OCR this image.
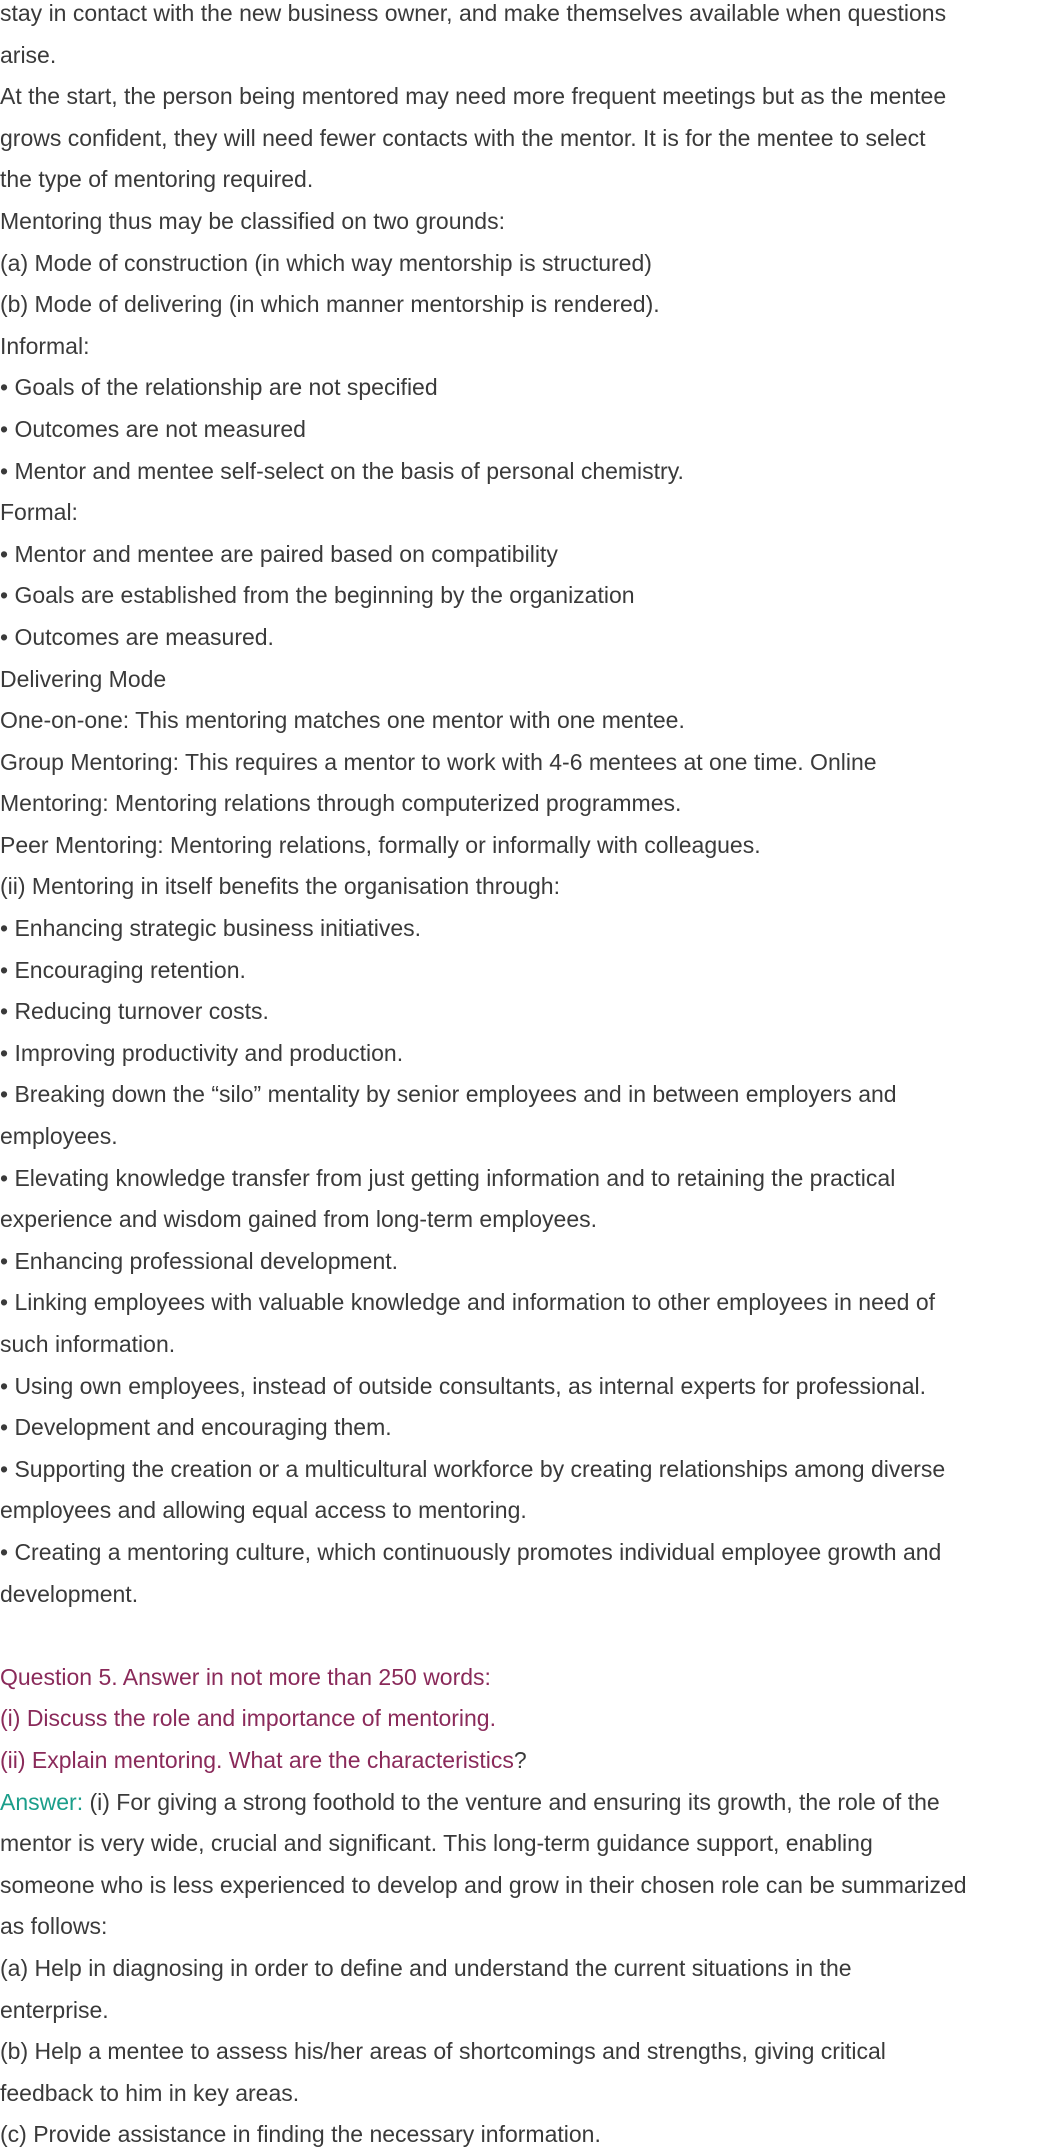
stay in contact with the new business owner, and make themselves available when questions
arise.
At the start, the person being mentored may need more frequent meetings but as the mentee
grows confident, they will need fewer contacts with the mentor. It is for the mentee to select
the type of mentoring required.
Mentoring thus may be classified on two grounds:
(a) Mode of construction (in which way mentorship is structured)
(b) Mode of delivering (in which manner mentorship is rendered).
Informal:
• Goals of the relationship are not specified
• Outcomes are not measured
• Mentor and mentee self-select on the basis of personal chemistry.
Formal:
• Mentor and mentee are paired based on compatibility
• Goals are established from the beginning by the organization
• Outcomes are measured.
Delivering Mode
One-on-one: This mentoring matches one mentor with one mentee.
Group Mentoring: This requires a mentor to work with 4-6 mentees at one time. Online
Mentoring: Mentoring relations through computerized programmes.
Peer Mentoring: Mentoring relations, formally or informally with colleagues.
(ii) Mentoring in itself benefits the organisation through:
• Enhancing strategic business initiatives.
• Encouraging retention.
• Reducing turnover costs.
• Improving productivity and production.
• Breaking down the “silo” mentality by senior employees and in between employers and
employees.
• Elevating knowledge transfer from just getting information and to retaining the practical
experience and wisdom gained from long-term employees.
• Enhancing professional development.
• Linking employees with valuable knowledge and information to other employees in need of
such information.
• Using own employees, instead of outside consultants, as internal experts for professional.
• Development and encouraging them.
• Supporting the creation or a multicultural workforce by creating relationships among diverse
employees and allowing equal access to mentoring.
• Creating a mentoring culture, which continuously promotes individual employee growth and
development.
Question 5. Answer in not more than 250 words:
(i) Discuss the role and importance of mentoring.
(ii) Explain mentoring. What are the characteristics?
Answer: (i) For giving a strong foothold to the venture and ensuring its growth, the role of the
mentor is very wide, crucial and significant. This long-term guidance support, enabling
someone who is less experienced to develop and grow in their chosen role can be summarized
as follows:
(a) Help in diagnosing in order to define and understand the current situations in the
enterprise.
(b) Help a mentee to assess his/her areas of shortcomings and strengths, giving critical
feedback to him in key areas.
(c) Provide assistance in finding the necessary information.
